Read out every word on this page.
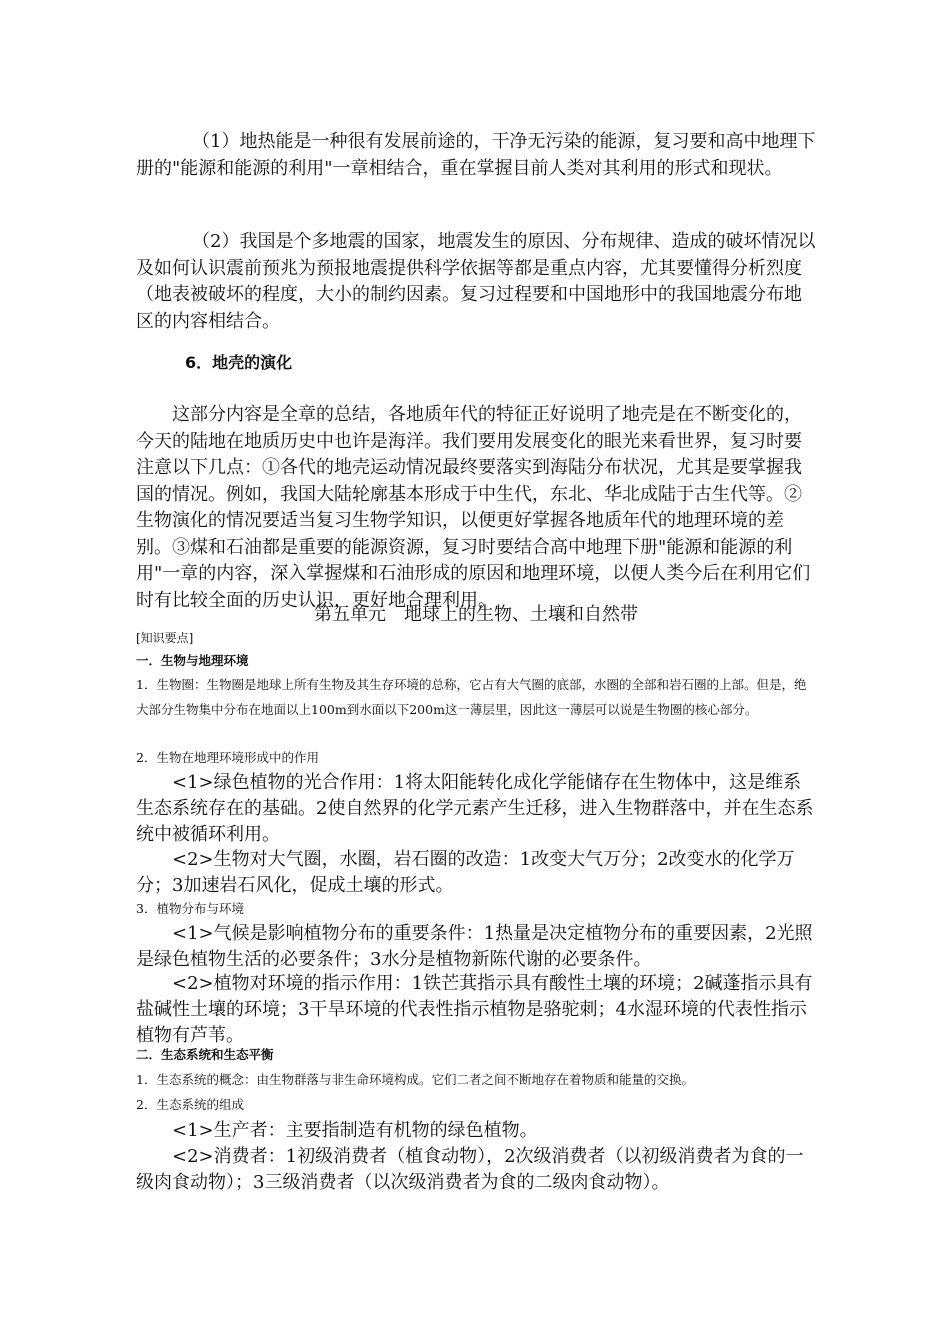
（1）地热能是一种很有发展前途的，干净无污染的能源，复习要和高中地理下册的"能源和能源的利用"一章相结合，重在掌握目前人类对其利用的形式和现状。

（2）我国是个多地震的国家，地震发生的原因、分布规律、造成的破坏情况以及如何认识震前预兆为预报地震提供科学依据等都是重点内容，尤其要懂得分析烈度（地表被破坏的程度，大小的制约因素。复习过程要和中国地形中的我国地震分布地区的内容相结合。

6．地壳的演化

这部分内容是全章的总结，各地质年代的特征正好说明了地壳是在不断变化的，今天的陆地在地质历史中也许是海洋。我们要用发展变化的眼光来看世界，复习时要注意以下几点：①各代的地壳运动情况最终要落实到海陆分布状况，尤其是要掌握我国的情况。例如，我国大陆轮廓基本形成于中生代，东北、华北成陆于古生代等。②生物演化的情况要适当复习生物学知识，以便更好掌握各地质年代的地理环境的差别。③煤和石油都是重要的能源资源，复习时要结合高中地理下册"能源和能源的利用"一章的内容，深入掌握煤和石油形成的原因和地理环境，以便人类今后在利用它们时有比较全面的历史认识，更好地合理利用。

第五单元　地球上的生物、土壤和自然带

[知识要点]

一．生物与地理环境

1．生物圈：生物圈是地球上所有生物及其生存环境的总称，它占有大气圈的底部，水圈的全部和岩石圈的上部。但是，绝大部分生物集中分布在地面以上100m到水面以下200m这一薄层里，因此这一薄层可以说是生物圈的核心部分。

2．生物在地理环境形成中的作用

<1>绿色植物的光合作用：1将太阳能转化成化学能储存在生物体中，这是维系生态系统存在的基础。2使自然界的化学元素产生迁移，进入生物群落中，并在生态系统中被循环利用。

<2>生物对大气圈，水圈，岩石圈的改造：1改变大气万分；2改变水的化学万分；3加速岩石风化，促成土壤的形式。

3．植物分布与环境

<1>气候是影响植物分布的重要条件：1热量是决定植物分布的重要因素，2光照是绿色植物生活的必要条件；3水分是植物新陈代谢的必要条件。

<2>植物对环境的指示作用：1铁芒萁指示具有酸性土壤的环境；2碱蓬指示具有盐碱性土壤的环境；3干旱环境的代表性指示植物是骆驼刺；4水湿环境的代表性指示植物有芦苇。

二．生态系统和生态平衡

1．生态系统的概念：由生物群落与非生命环境构成。它们二者之间不断地存在着物质和能量的交换。

2．生态系统的组成

<1>生产者：主要指制造有机物的绿色植物。

<2>消费者：1初级消费者（植食动物），2次级消费者（以初级消费者为食的一级肉食动物）；3三级消费者（以次级消费者为食的二级肉食动物）。
